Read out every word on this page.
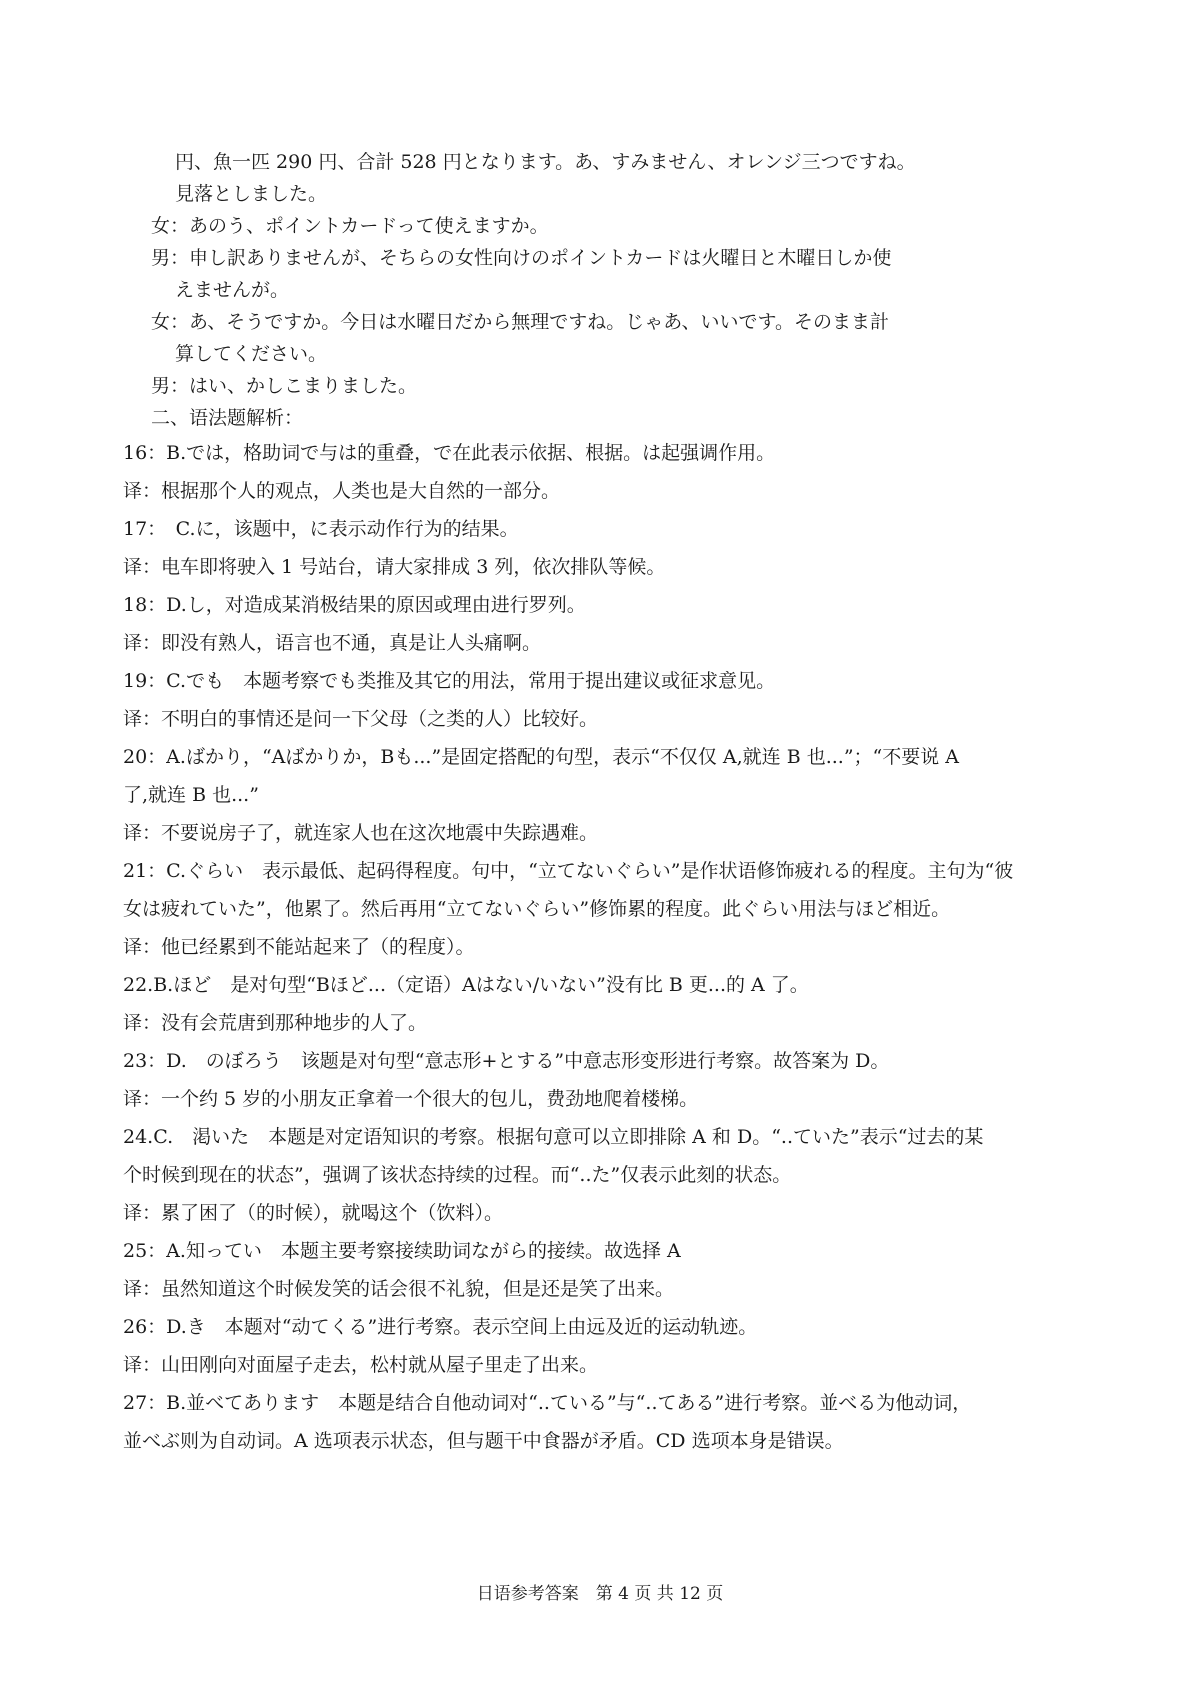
円、魚一匹 290 円、合計 528 円となります。あ、すみません、オレンジ三つですね。
見落としました。
女：あのう、ポイントカードって使えますか。
男：申し訳ありませんが、そちらの女性向けのポイントカードは火曜日と木曜日しか使
えませんが。
女：あ、そうですか。今日は水曜日だから無理ですね。じゃあ、いいです。そのまま計
算してください。
男：はい、かしこまりました。
二、语法题解析：
16：B.では，格助词で与は的重叠，で在此表示依据、根据。は起强调作用。
译：根据那个人的观点，人类也是大自然的一部分。
17：　C.に，该题中，に表示动作行为的结果。
译：电车即将驶入 1 号站台，请大家排成 3 列，依次排队等候。
18：D.し，对造成某消极结果的原因或理由进行罗列。
译：即没有熟人，语言也不通，真是让人头痛啊。
19：C.でも　本题考察でも类推及其它的用法，常用于提出建议或征求意见。
译：不明白的事情还是问一下父母（之类的人）比较好。
20：A.ばかり，“Aばかりか，Bも...”是固定搭配的句型，表示“不仅仅 A,就连 B 也...”；“不要说 A
了,就连 B 也...”
译：不要说房子了，就连家人也在这次地震中失踪遇难。
21：C.ぐらい　表示最低、起码得程度。句中，“立てないぐらい”是作状语修饰疲れる的程度。主句为“彼
女は疲れていた”，他累了。然后再用“立てないぐらい”修饰累的程度。此ぐらい用法与ほど相近。
译：他已经累到不能站起来了（的程度）。
22.B.ほど　是对句型“Bほど...（定语）Aはない/いない”没有比 B 更...的 A 了。
译：没有会荒唐到那种地步的人了。
23：D.　のぼろう　该题是对句型“意志形+とする”中意志形变形进行考察。故答案为 D。
译：一个约 5 岁的小朋友正拿着一个很大的包儿，费劲地爬着楼梯。
24.C.　渇いた　本题是对定语知识的考察。根据句意可以立即排除 A 和 D。“..ていた”表示“过去的某
个时候到现在的状态”，强调了该状态持续的过程。而“..た”仅表示此刻的状态。
译：累了困了（的时候），就喝这个（饮料）。
25：A.知ってい　本题主要考察接续助词ながら的接续。故选择 A
译：虽然知道这个时候发笑的话会很不礼貌，但是还是笑了出来。
26：D.き　本题对“动てくる”进行考察。表示空间上由远及近的运动轨迹。
译：山田刚向对面屋子走去，松村就从屋子里走了出来。
27：B.並べてあります　本题是结合自他动词对“..ている”与“..てある”进行考察。並べる为他动词，
並べぶ则为自动词。A 选项表示状态，但与题干中食器が矛盾。CD 选项本身是错误。
日语参考答案　第 4 页 共 12 页
